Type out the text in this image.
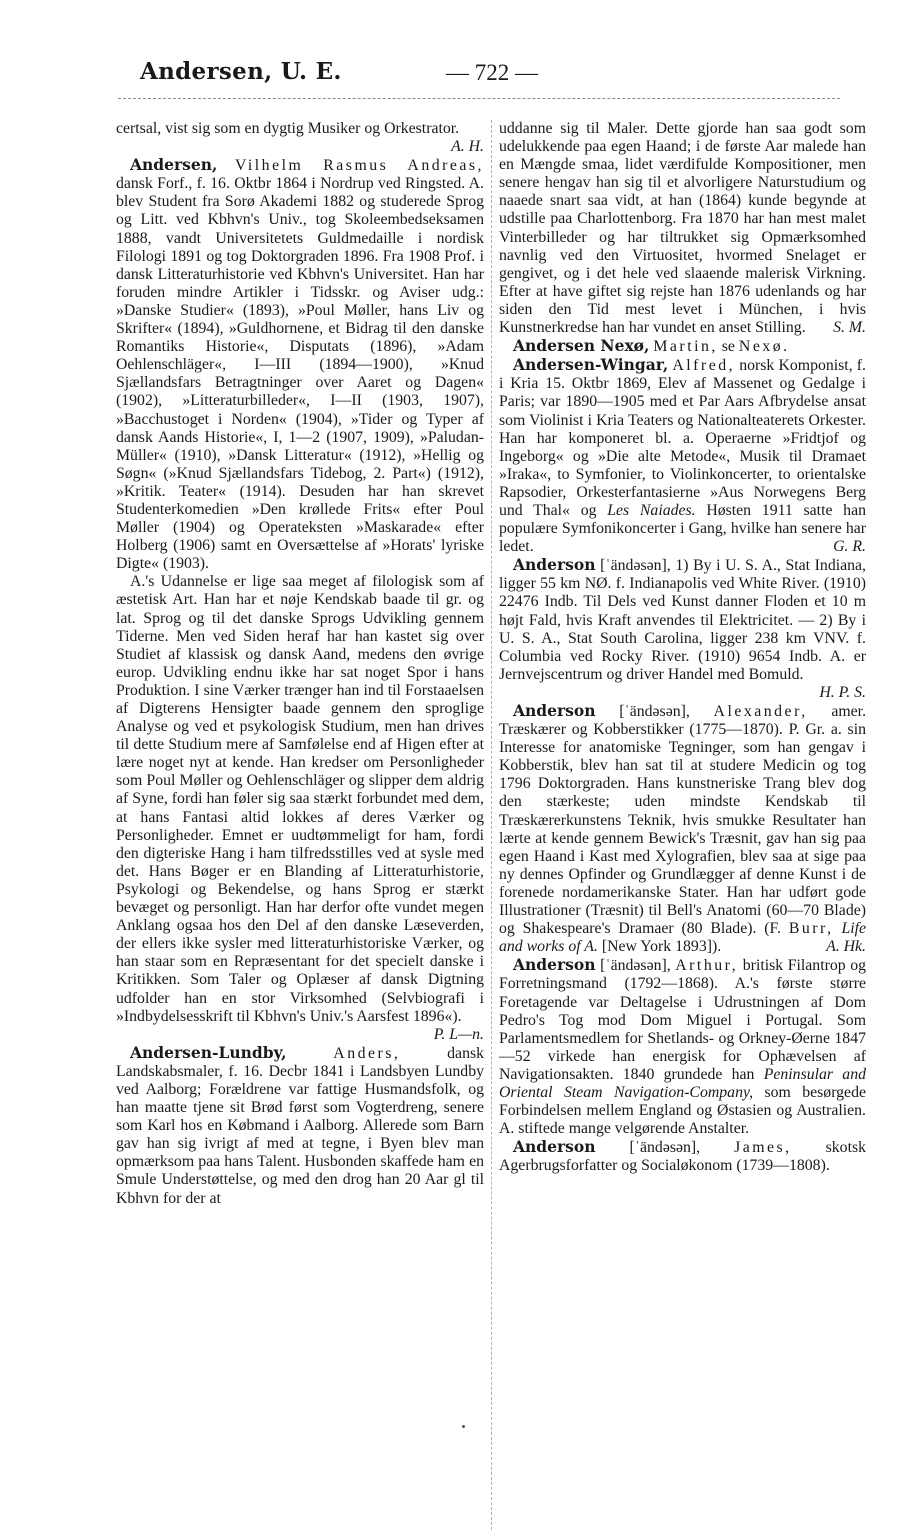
Andersen, U. E.	— 722 —

certsal, vist sig som en dygtig Musiker og Orkestrator.
A. H.

Andersen, Vilhelm Rasmus Andreas, dansk Forf., f. 16. Oktbr 1864 i Nordrup ved Ringsted. A. blev Student fra Sorø Akademi 1882 og studerede Sprog og Litt. ved Kbhvn's Univ., tog Skoleembedseksamen 1888, vandt Universitetets Guldmedaille i nordisk Filologi 1891 og tog Doktorgraden 1896. Fra 1908 Prof. i dansk Litteraturhistorie ved Kbhvn's Universitet. Han har foruden mindre Artikler i Tidsskr. og Aviser udg.: »Danske Studier« (1893), »Poul Møller, hans Liv og Skrifter« (1894), »Guldhornene, et Bidrag til den danske Romantiks Historie«, Disputats (1896), »Adam Oehlenschläger«, I—III (1894—1900), »Knud Sjællandsfars Betragtninger over Aaret og Dagen« (1902), »Litteraturbilleder«, I—II (1903, 1907), »Bacchustoget i Norden« (1904), »Tider og Typer af dansk Aands Historie«, I, 1—2 (1907, 1909), »Paludan-Müller« (1910), »Dansk Litteratur« (1912), »Hellig og Søgn« (»Knud Sjællandsfars Tidebog, 2. Part«) (1912), »Kritik. Teater« (1914). Desuden har han skrevet Studenterkomedien »Den krøllede Frits« efter Poul Møller (1904) og Operateksten »Maskarade« efter Holberg (1906) samt en Oversættelse af »Horats' lyriske Digte« (1903).

A.'s Udannelse er lige saa meget af filologisk som af æstetisk Art. Han har et nøje Kendskab baade til gr. og lat. Sprog og til det danske Sprogs Udvikling gennem Tiderne. Men ved Siden heraf har han kastet sig over Studiet af klassisk og dansk Aand, medens den øvrige europ. Udvikling endnu ikke har sat noget Spor i hans Produktion. I sine Værker trænger han ind til Forstaaelsen af Digterens Hensigter baade gennem den sproglige Analyse og ved et psykologisk Studium, men han drives til dette Studium mere af Samfølelse end af Higen efter at lære noget nyt at kende. Han kredser om Personligheder som Poul Møller og Oehlenschläger og slipper dem aldrig af Syne, fordi han føler sig saa stærkt forbundet med dem, at hans Fantasi altid lokkes af deres Værker og Personligheder. Emnet er uudtømmeligt for ham, fordi den digteriske Hang i ham tilfredsstilles ved at sysle med det. Hans Bøger er en Blanding af Litteraturhistorie, Psykologi og Bekendelse, og hans Sprog er stærkt bevæget og personligt. Han har derfor ofte vundet megen Anklang ogsaa hos den Del af den danske Læseverden, der ellers ikke sysler med litteraturhistoriske Værker, og han staar som en Repræsentant for det specielt danske i Kritikken. Som Taler og Oplæser af dansk Digtning udfolder han en stor Virksomhed (Selvbiografi i »Indbydelsesskrift til Kbhvn's Univ.'s Aarsfest 1896«).
P. L—n.

Andersen-Lundby,	Anders,	dansk Landskabsmaler, f. 16. Decbr 1841 i Landsbyen Lundby ved Aalborg; Forældrene var fattige Husmandsfolk, og han maatte tjene sit Brød først som Vogterdreng, senere som Karl hos en Købmand i Aalborg. Allerede som Barn gav han sig ivrigt af med at tegne, i Byen blev man opmærksom paa hans Talent. Husbonden skaffede ham en Smule Understøttelse, og med den drog han 20 Aar gl til Kbhvn for der at

uddanne sig til Maler. Dette gjorde han saa godt som udelukkende paa egen Haand; i de første Aar malede han en Mængde smaa, lidet værdifulde Kompositioner, men senere hengav han sig til et alvorligere Naturstudium og naaede snart saa vidt, at han (1864) kunde begynde at udstille paa Charlottenborg. Fra 1870 har han mest malet Vinterbilleder og har tiltrukket sig Opmærksomhed navnlig ved den Virtuositet, hvormed Snelaget er gengivet, og i det hele ved slaaende malerisk Virkning. Efter at have giftet sig rejste han 1876 udenlands og har siden den Tid mest levet i München, i hvis Kunstnerkredse han har vundet en anset Stilling. S. M.

Andersen Nexø, Martin, se Nexø.

Andersen-Wingar, Alfred, norsk Komponist, f. i Kria 15. Oktbr 1869, Elev af Massenet og Gedalge i Paris; var 1890—1905 med et Par Aars Afbrydelse ansat som Violinist i Kria Teaters og Nationalteaterets Orkester. Han har komponeret bl. a. Operaerne »Fridtjof og Ingeborg« og »Die alte Metode«, Musik til Dramaet »Iraka«, to Symfonier, to Violinkoncerter, to orientalske Rapsodier, Orkesterfantasierne »Aus Norwegens Berg und Thal« og Les Naiades. Høsten 1911 satte han populære Symfonikoncerter i Gang, hvilke han senere har ledet.	G. R.

Anderson [ˈändəsən], 1) By i U. S. A., Stat Indiana, ligger 55 km NØ. f. Indianapolis ved White River. (1910) 22476 Indb. Til Dels ved Kunst danner Floden et 10 m højt Fald, hvis Kraft anvendes til Elektricitet. — 2) By i U. S. A., Stat South Carolina, ligger 238 km VNV. f. Columbia ved Rocky River. (1910) 9654 Indb. A. er Jernvejscentrum og driver Handel med Bomuld.
H. P. S.

Anderson [ˈändəsən], Alexander, amer. Træskærer og Kobberstikker (1775—1870). P. Gr. a. sin Interesse for anatomiske Tegninger, som han gengav i Kobberstik, blev han sat til at studere Medicin og tog 1796 Doktorgraden. Hans kunstneriske Trang blev dog den stærkeste; uden mindste Kendskab til Træskærerkunstens Teknik, hvis smukke Resultater han lærte at kende gennem Bewick's Træsnit, gav han sig paa egen Haand i Kast med Xylografien, blev saa at sige paa ny dennes Opfinder og Grundlægger af denne Kunst i de forenede nordamerikanske Stater. Han har udført gode Illustrationer (Træsnit) til Bell's Anatomi (60—70 Blade) og Shakespeare's Dramaer (80 Blade). (F. Burr, Life and works of A. [New York 1893]).	A. Hk.

Anderson [ˈändəsən], Arthur, britisk Filantrop og Forretningsmand (1792—1868). A.'s første større Foretagende var Deltagelse i Udrustningen af Dom Pedro's Tog mod Dom Miguel i Portugal. Som Parlamentsmedlem for Shetlands- og Orkney-Øerne 1847—52 virkede han energisk for Ophævelsen af Navigationsakten. 1840 grundede han Peninsular and Oriental Steam Navigation-Company, som besørgede Forbindelsen mellem England og Østasien og Australien. A. stiftede mange velgørende Anstalter.

Anderson [ˈändəsən], James, skotsk Agerbrugsforfatter og Socialøkonom (1739—1808).
